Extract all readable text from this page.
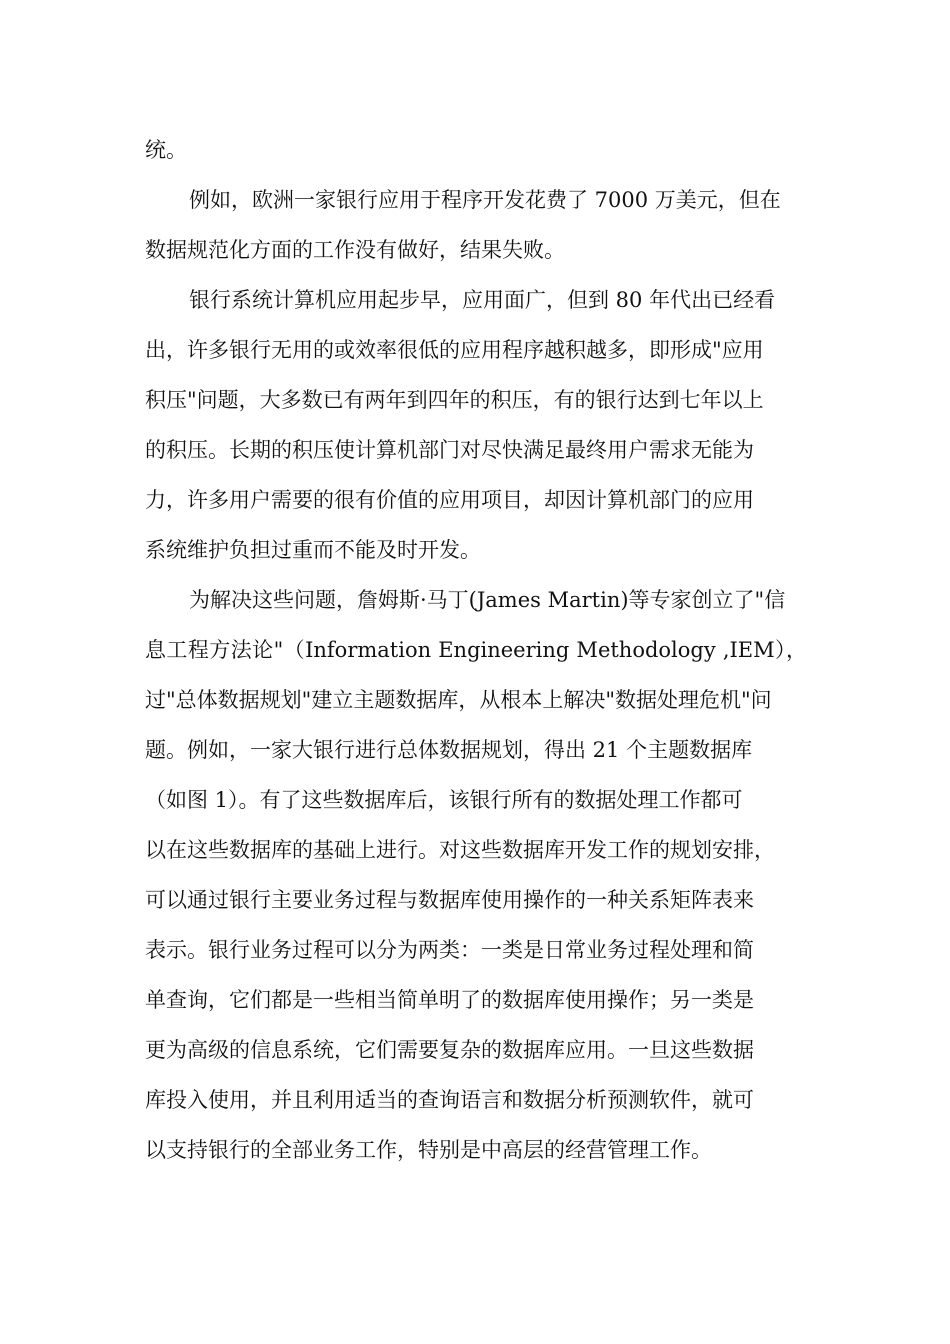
统。
例如，欧洲一家银行应用于程序开发花费了 7000 万美元，但在
数据规范化方面的工作没有做好，结果失败。
银行系统计算机应用起步早，应用面广，但到 80 年代出已经看
出，许多银行无用的或效率很低的应用程序越积越多，即形成"应用
积压"问题，大多数已有两年到四年的积压，有的银行达到七年以上
的积压。长期的积压使计算机部门对尽快满足最终用户需求无能为
力，许多用户需要的很有价值的应用项目，却因计算机部门的应用
系统维护负担过重而不能及时开发。
为解决这些问题，詹姆斯·马丁(James Martin)等专家创立了"信
息工程方法论"（Information Engineering Methodology ,IEM），
过"总体数据规划"建立主题数据库，从根本上解决"数据处理危机"问
题。例如，一家大银行进行总体数据规划，得出 21 个主题数据库
（如图 1）。有了这些数据库后，该银行所有的数据处理工作都可
以在这些数据库的基础上进行。对这些数据库开发工作的规划安排，
可以通过银行主要业务过程与数据库使用操作的一种关系矩阵表来
表示。银行业务过程可以分为两类：一类是日常业务过程处理和简
单查询，它们都是一些相当简单明了的数据库使用操作；另一类是
更为高级的信息系统，它们需要复杂的数据库应用。一旦这些数据
库投入使用，并且利用适当的查询语言和数据分析预测软件，就可
以支持银行的全部业务工作，特别是中高层的经营管理工作。
